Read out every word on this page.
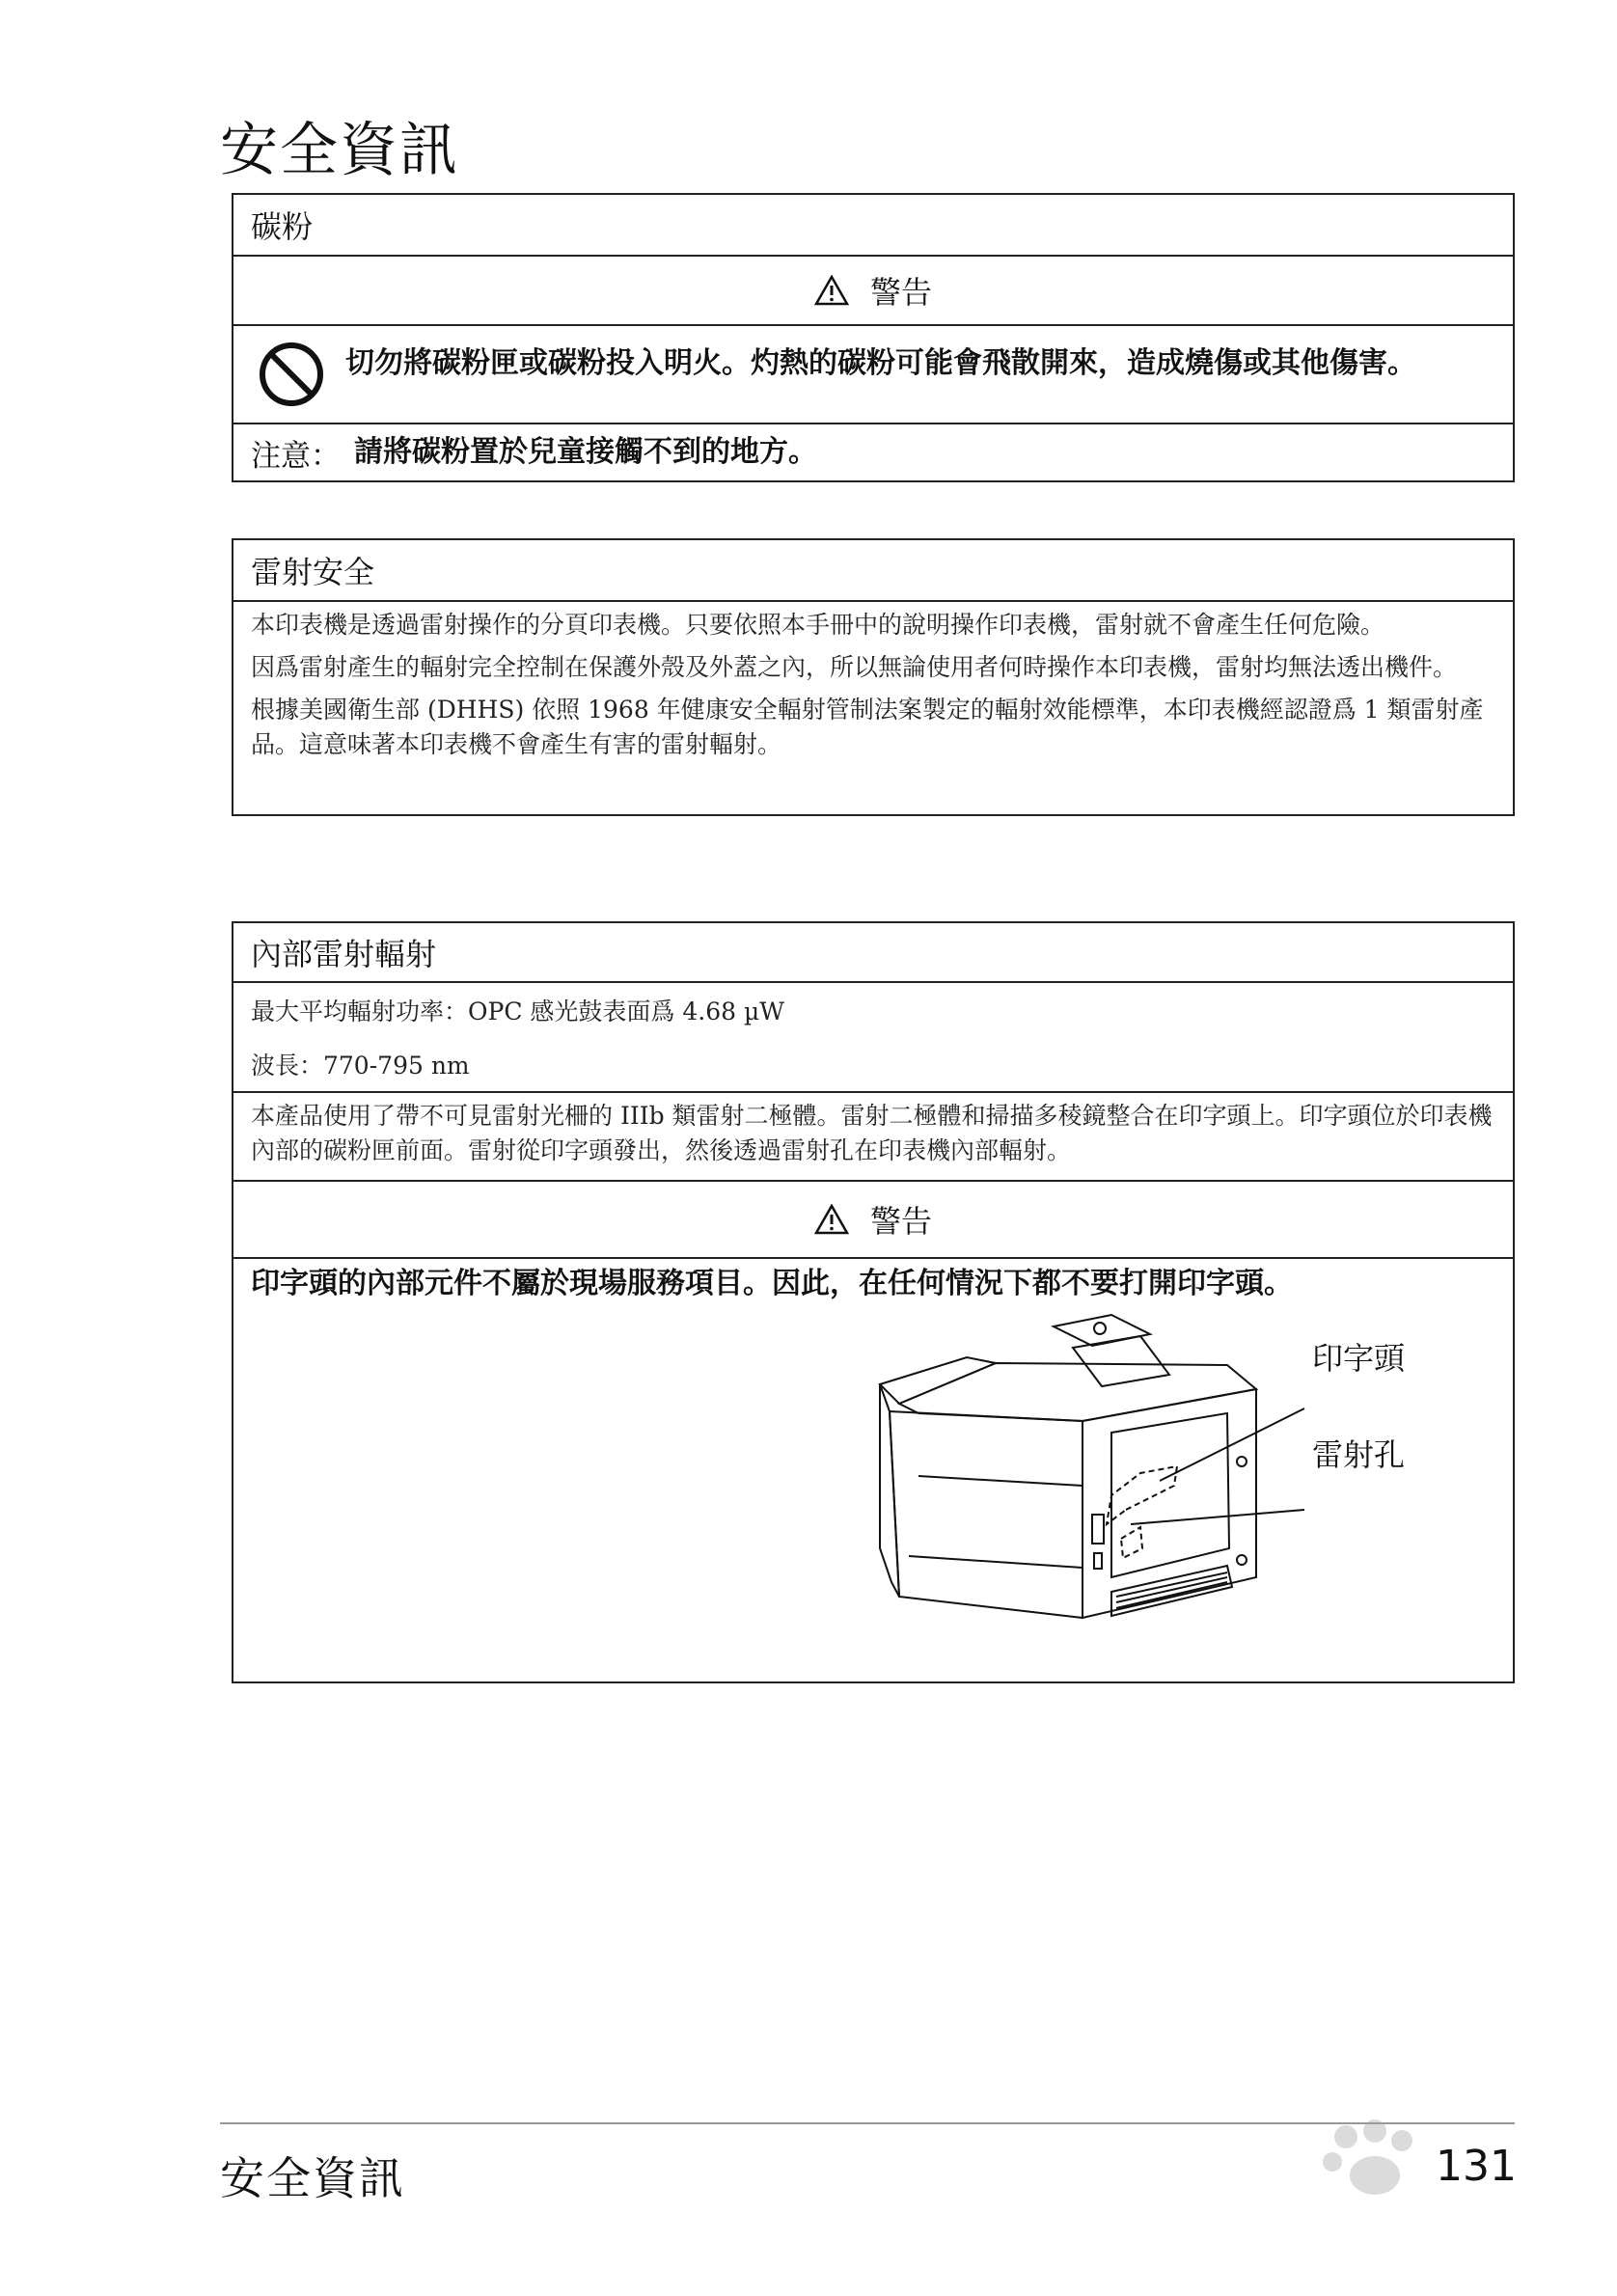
安全資訊
碳粉
警告
切勿將碳粉匣或碳粉投入明火。灼熱的碳粉可能會飛散開來，造成燒傷或其他傷害。
注意： 請將碳粉置於兒童接觸不到的地方。
雷射安全
本印表機是透過雷射操作的分頁印表機。只要依照本手冊中的說明操作印表機，雷射就不會產生任何危險。
因爲雷射產生的輻射完全控制在保護外殼及外蓋之內，所以無論使用者何時操作本印表機，雷射均無法透出機件。
根據美國衛生部 (DHHS) 依照 1968 年健康安全輻射管制法案製定的輻射效能標準，本印表機經認證爲 1 類雷射產品。這意味著本印表機不會產生有害的雷射輻射。
內部雷射輻射
最大平均輻射功率：OPC 感光鼓表面爲 4.68 µW
波長：770-795 nm
本產品使用了帶不可見雷射光柵的 IIIb 類雷射二極體。雷射二極體和掃描多稜鏡整合在印字頭上。印字頭位於印表機內部的碳粉匣前面。雷射從印字頭發出，然後透過雷射孔在印表機內部輻射。
警告
印字頭的內部元件不屬於現場服務項目。因此，在任何情況下都不要打開印字頭。
印字頭
雷射孔
安全資訊	131
